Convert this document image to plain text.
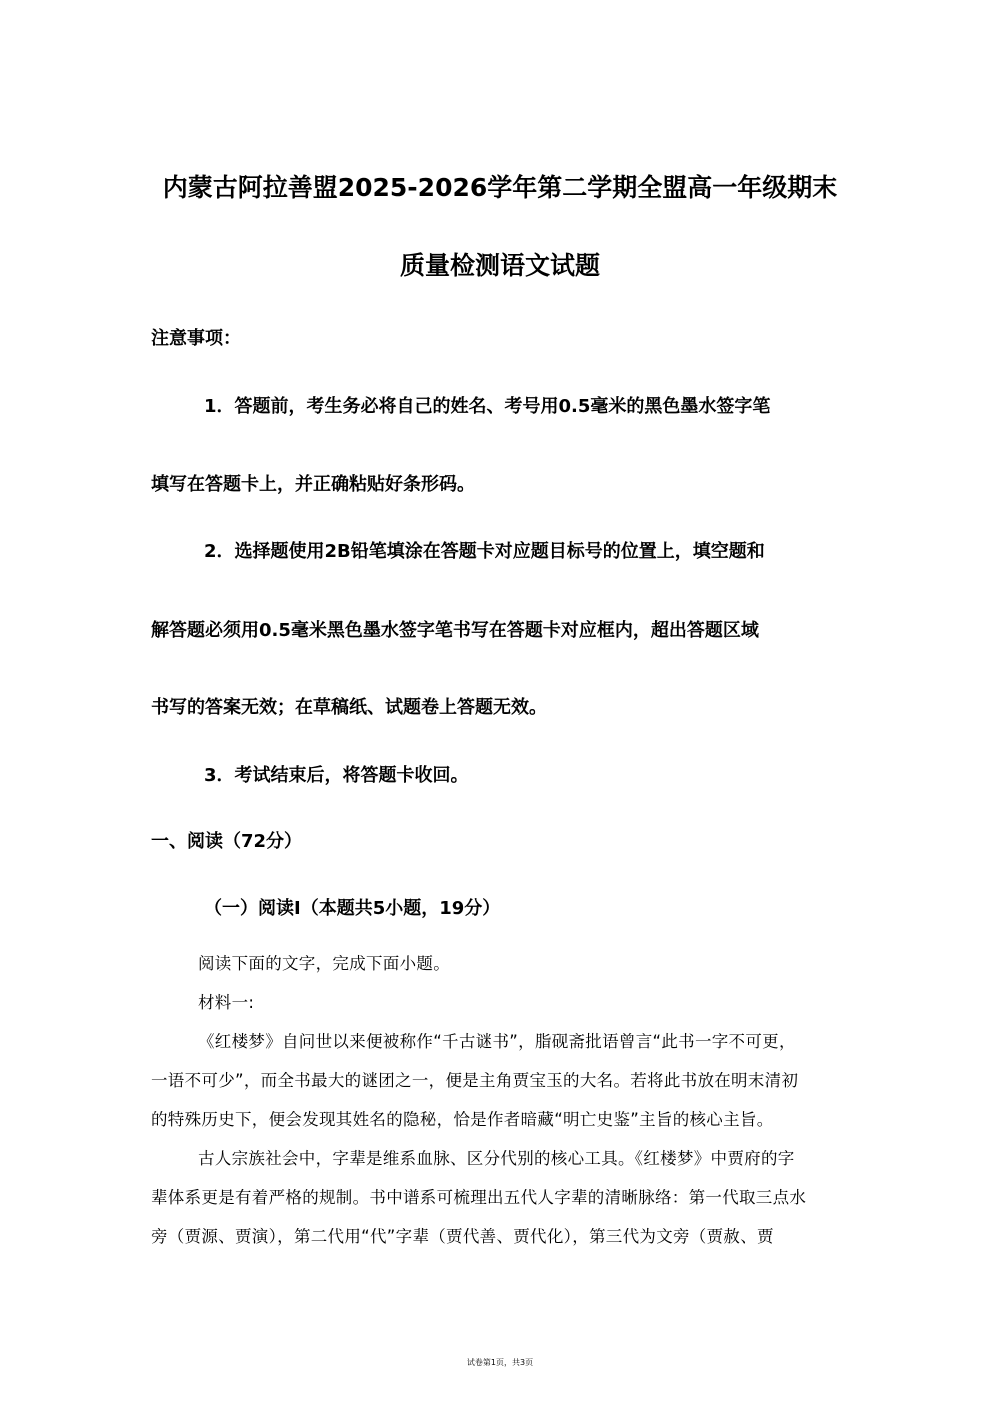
内蒙古阿拉善盟2025-2026学年第二学期全盟高一年级期末
质量检测语文试题
注意事项：
1．答题前，考生务必将自己的姓名、考号用0.5毫米的黑色墨水签字笔
填写在答题卡上，并正确粘贴好条形码。
2．选择题使用2B铅笔填涂在答题卡对应题目标号的位置上，填空题和
解答题必须用0.5毫米黑色墨水签字笔书写在答题卡对应框内，超出答题区域
书写的答案无效；在草稿纸、试题卷上答题无效。
3．考试结束后，将答题卡收回。
一、阅读（72分）
（一）阅读Ⅰ（本题共5小题，19分）
阅读下面的文字，完成下面小题。
材料一:
《红楼梦》自问世以来便被称作“千古谜书”，脂砚斋批语曾言“此书一字不可更，
一语不可少”，而全书最大的谜团之一，便是主角贾宝玉的大名。若将此书放在明末清初
的特殊历史下，便会发现其姓名的隐秘，恰是作者暗藏“明亡史鉴”主旨的核心主旨。
古人宗族社会中，字辈是维系血脉、区分代别的核心工具。《红楼梦》中贾府的字
辈体系更是有着严格的规制。书中谱系可梳理出五代人字辈的清晰脉络：第一代取三点水
旁（贾源、贾演），第二代用“代”字辈（贾代善、贾代化），第三代为文旁（贾赦、贾
试卷第1页，共3页
